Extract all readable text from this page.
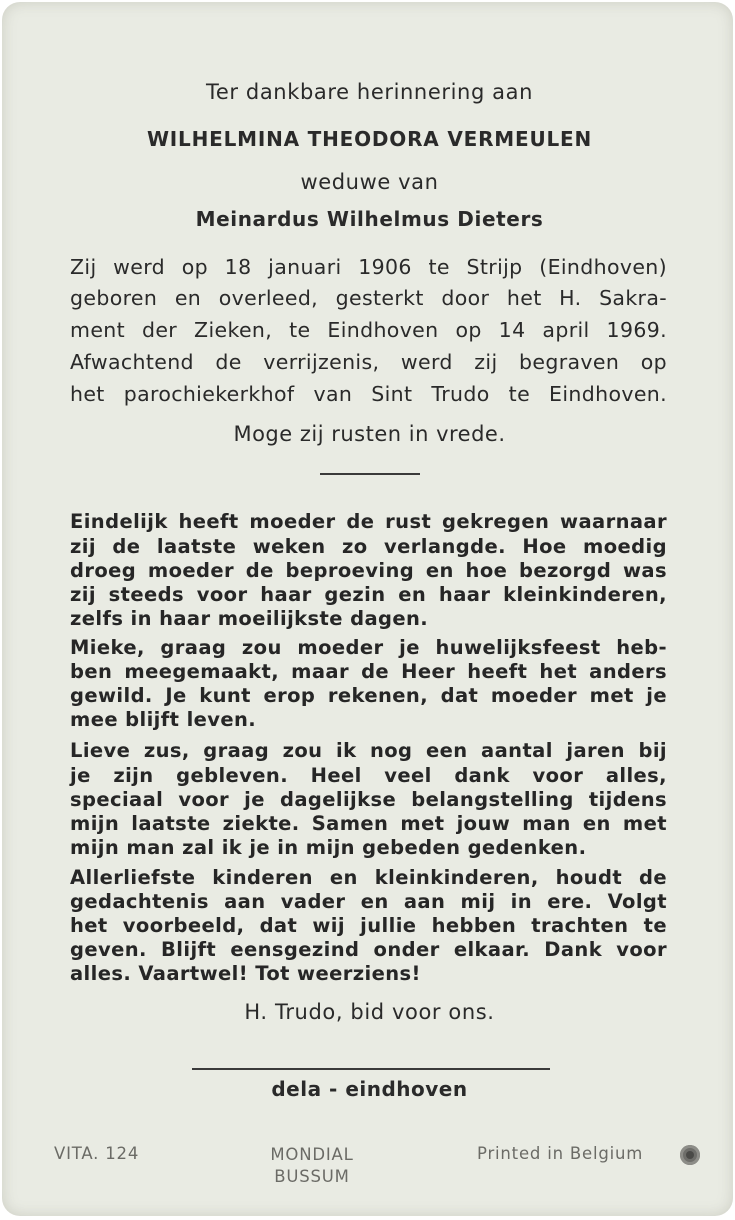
Ter dankbare herinnering aan

WILHELMINA THEODORA VERMEULEN

weduwe van

Meinardus Wilhelmus Dieters

Zij werd op 18 januari 1906 te Strijp (Eindhoven)

geboren en overleed, gesterkt door het H. Sakra-

ment der Zieken, te Eindhoven op 14 april 1969.

Afwachtend de verrijzenis, werd zij begraven op

het parochiekerkhof van Sint Trudo te Eindhoven.

Moge zij rusten in vrede.

Eindelijk heeft moeder de rust gekregen waarnaar

zij de laatste weken zo verlangde. Hoe moedig

droeg moeder de beproeving en hoe bezorgd was

zij steeds voor haar gezin en haar kleinkinderen,

zelfs in haar moeilijkste dagen.

Mieke, graag zou moeder je huwelijksfeest heb-

ben meegemaakt, maar de Heer heeft het anders

gewild. Je kunt erop rekenen, dat moeder met je

mee blijft leven.

Lieve zus, graag zou ik nog een aantal jaren bij

je zijn gebleven. Heel veel dank voor alles,

speciaal voor je dagelijkse belangstelling tijdens

mijn laatste ziekte. Samen met jouw man en met

mijn man zal ik je in mijn gebeden gedenken.

Allerliefste kinderen en kleinkinderen, houdt de

gedachtenis aan vader en aan mij in ere. Volgt

het voorbeeld, dat wij jullie hebben trachten te

geven. Blijft eensgezind onder elkaar. Dank voor

alles. Vaartwel! Tot weerziens!

H. Trudo, bid voor ons.

dela - eindhoven

VITA. 124	MONDIAL
BUSSUM

Printed in Belgium
